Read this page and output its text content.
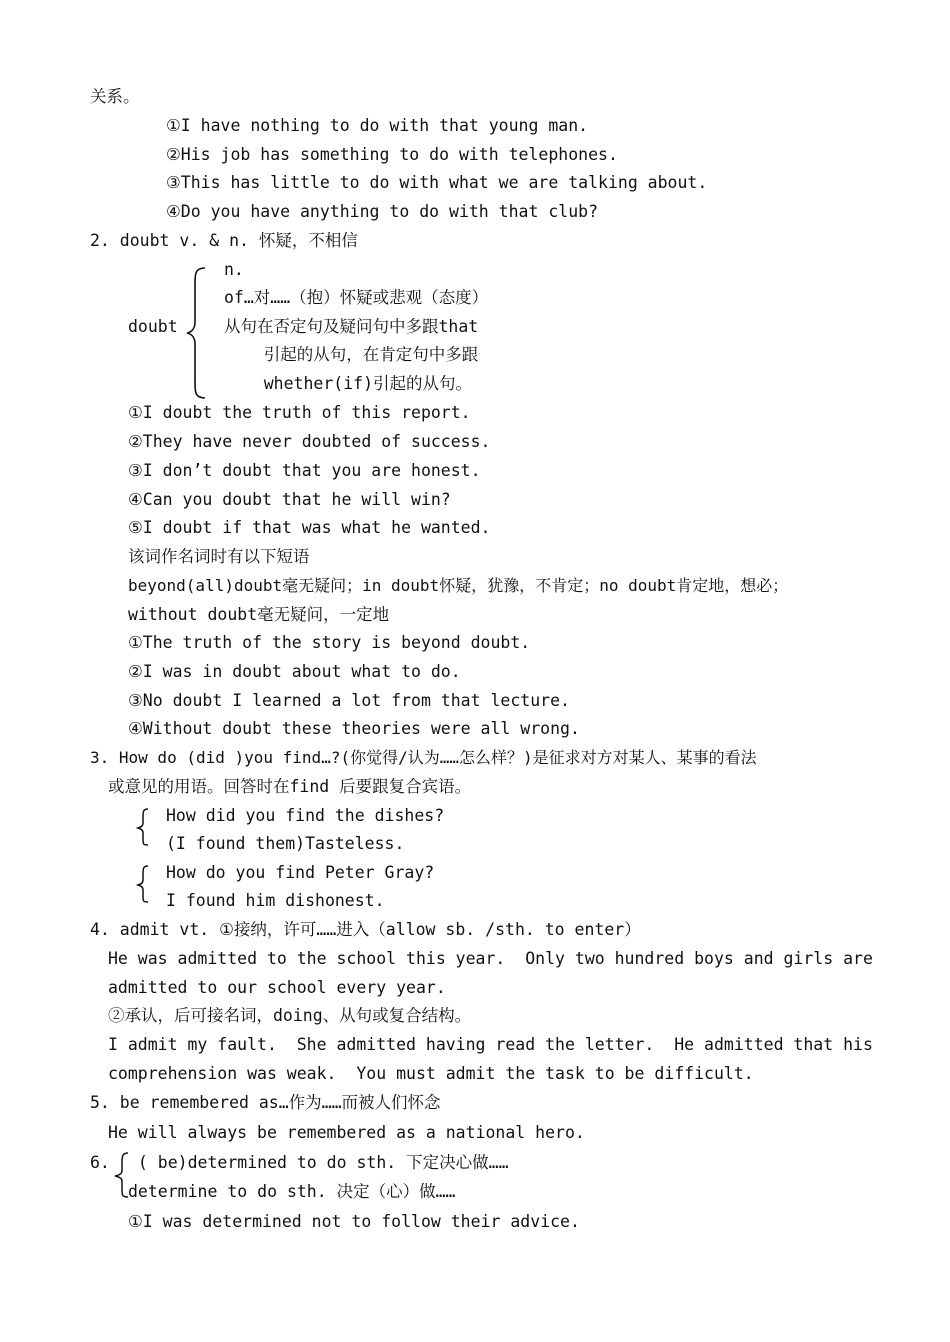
关系。
①I have nothing to do with that young man.
②His job has something to do with telephones.
③This has little to do with what we are talking about.
④Do you have anything to do with that club?
2. doubt v. & n. 怀疑，不相信
doubt
n.
of…对……（抱）怀疑或悲观（态度）
从句在否定句及疑问句中多跟that
引起的从句，在肯定句中多跟
whether(if)引起的从句。
①I doubt the truth of this report.
②They have never doubted of success.
③I don’t doubt that you are honest.
④Can you doubt that he will win?
⑤I doubt if that was what he wanted.
该词作名词时有以下短语
beyond(all)doubt毫无疑问；in doubt怀疑，犹豫，不肯定；no doubt肯定地，想必；
without doubt毫无疑问，一定地
①The truth of the story is beyond doubt.
②I was in doubt about what to do.
③No doubt I learned a lot from that lecture.
④Without doubt these theories were all wrong.
3. How do (did )you find…?(你觉得/认为……怎么样？)是征求对方对某人、某事的看法
或意见的用语。回答时在find 后要跟复合宾语。
How did you find the dishes?
(I found them)Tasteless.
How do you find Peter Gray?
I found him dishonest.
4. admit vt. ①接纳，许可……进入（allow sb. /sth. to enter）
He was admitted to the school this year.  Only two hundred boys and girls are
admitted to our school every year.
②承认，后可接名词，doing、从句或复合结构。
I admit my fault.  She admitted having read the letter.  He admitted that his
comprehension was weak.  You must admit the task to be difficult.
5. be remembered as…作为……而被人们怀念
He will always be remembered as a national hero.
6. ( be)determined to do sth. 下定决心做……
determine to do sth. 决定（心）做……
①I was determined not to follow their advice.
